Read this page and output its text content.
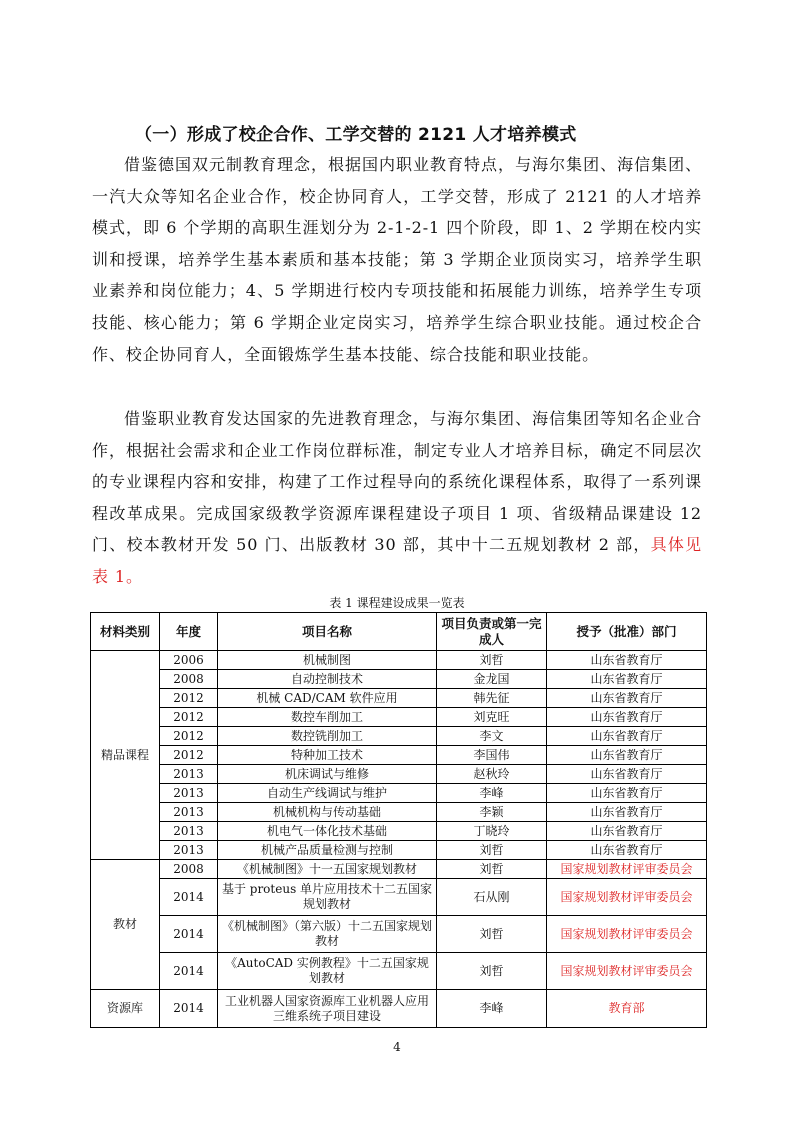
（一）形成了校企合作、工学交替的 2121 人才培养模式

借鉴德国双元制教育理念，根据国内职业教育特点，与海尔集团、海信集团、一汽大众等知名企业合作，校企协同育人，工学交替，形成了 2121 的人才培养模式，即 6 个学期的高职生涯划分为 2-1-2-1 四个阶段，即 1、2 学期在校内实训和授课，培养学生基本素质和基本技能；第 3 学期企业顶岗实习，培养学生职业素养和岗位能力；4、5 学期进行校内专项技能和拓展能力训练，培养学生专项技能、核心能力；第 6 学期企业定岗实习，培养学生综合职业技能。通过校企合作、校企协同育人，全面锻炼学生基本技能、综合技能和职业技能。

借鉴职业教育发达国家的先进教育理念，与海尔集团、海信集团等知名企业合作，根据社会需求和企业工作岗位群标准，制定专业人才培养目标，确定不同层次的专业课程内容和安排，构建了工作过程导向的系统化课程体系，取得了一系列课程改革成果。完成国家级教学资源库课程建设子项目 1 项、省级精品课建设 12 门、校本教材开发 50 门、出版教材 30 部，其中十二五规划教材 2 部，具体见表 1。

表 1 课程建设成果一览表
材料类别	年度	项目名称	项目负责或第一完成人	授予（批准）部门
精品课程	2006	机械制图	刘哲	山东省教育厅
	2008	自动控制技术	金龙国	山东省教育厅
	2012	机械 CAD/CAM 软件应用	韩先征	山东省教育厅
	2012	数控车削加工	刘克旺	山东省教育厅
	2012	数控铣削加工	李文	山东省教育厅
	2012	特种加工技术	李国伟	山东省教育厅
	2013	机床调试与维修	赵秋玲	山东省教育厅
	2013	自动生产线调试与维护	李峰	山东省教育厅
	2013	机械机构与传动基础	李颖	山东省教育厅
	2013	机电气一体化技术基础	丁晓玲	山东省教育厅
	2013	机械产品质量检测与控制	刘哲	山东省教育厅
教材	2008	《机械制图》十一五国家规划教材	刘哲	国家规划教材评审委员会
	2014	基于 proteus 单片应用技术十二五国家规划教材	石从刚	国家规划教材评审委员会
	2014	《机械制图》（第六版）十二五国家规划教材	刘哲	国家规划教材评审委员会
	2014	《AutoCAD 实例教程》十二五国家规划教材	刘哲	国家规划教材评审委员会
资源库	2014	工业机器人国家资源库工业机器人应用三维系统子项目建设	李峰	教育部
4
